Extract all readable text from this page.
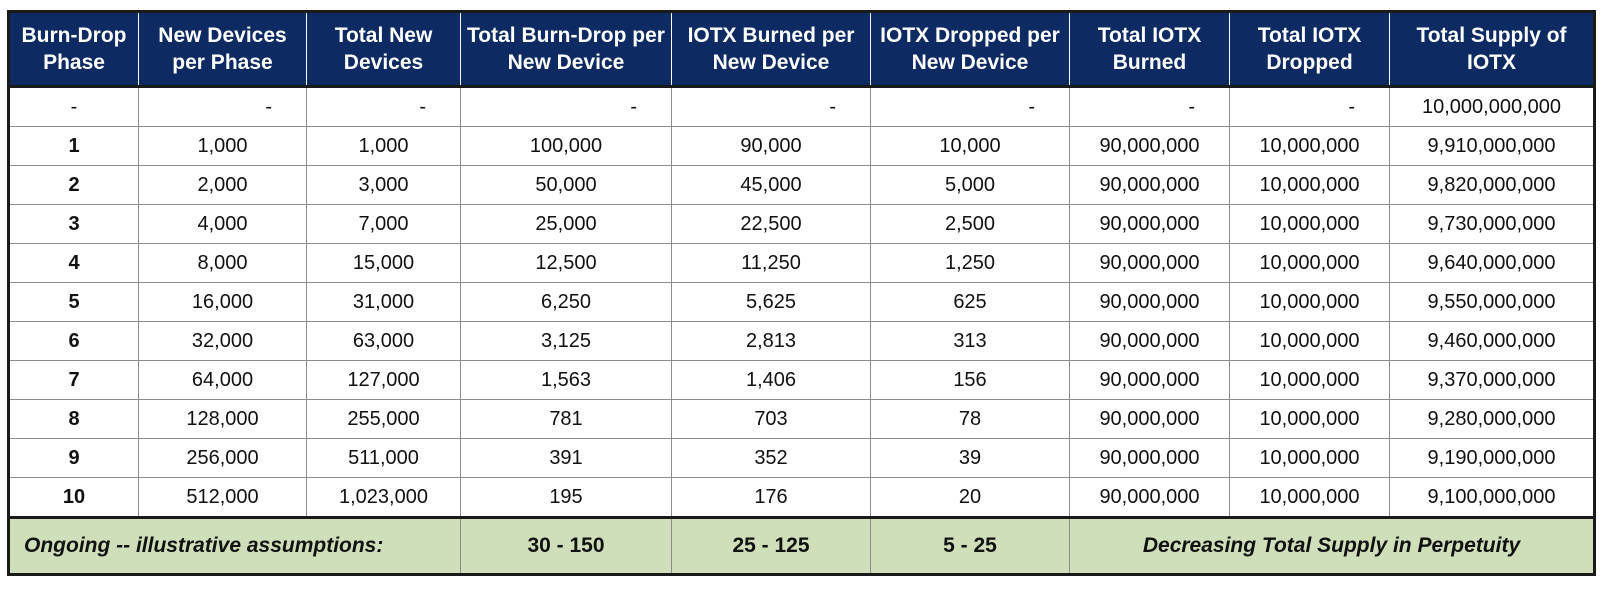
Burn-Drop Phase	New Devices per Phase	Total New Devices	Total Burn-Drop per New Device	IOTX Burned per New Device	IOTX Dropped per New Device	Total IOTX Burned	Total IOTX Dropped	Total Supply of IOTX
-	-	-	-	-	-	-	-	10,000,000,000
1	1,000	1,000	100,000	90,000	10,000	90,000,000	10,000,000	9,910,000,000
2	2,000	3,000	50,000	45,000	5,000	90,000,000	10,000,000	9,820,000,000
3	4,000	7,000	25,000	22,500	2,500	90,000,000	10,000,000	9,730,000,000
4	8,000	15,000	12,500	11,250	1,250	90,000,000	10,000,000	9,640,000,000
5	16,000	31,000	6,250	5,625	625	90,000,000	10,000,000	9,550,000,000
6	32,000	63,000	3,125	2,813	313	90,000,000	10,000,000	9,460,000,000
7	64,000	127,000	1,563	1,406	156	90,000,000	10,000,000	9,370,000,000
8	128,000	255,000	781	703	78	90,000,000	10,000,000	9,280,000,000
9	256,000	511,000	391	352	39	90,000,000	10,000,000	9,190,000,000
10	512,000	1,023,000	195	176	20	90,000,000	10,000,000	9,100,000,000
Ongoing -- illustrative assumptions:			30 - 150	25 - 125	5 - 25	Decreasing Total Supply in Perpetuity		
